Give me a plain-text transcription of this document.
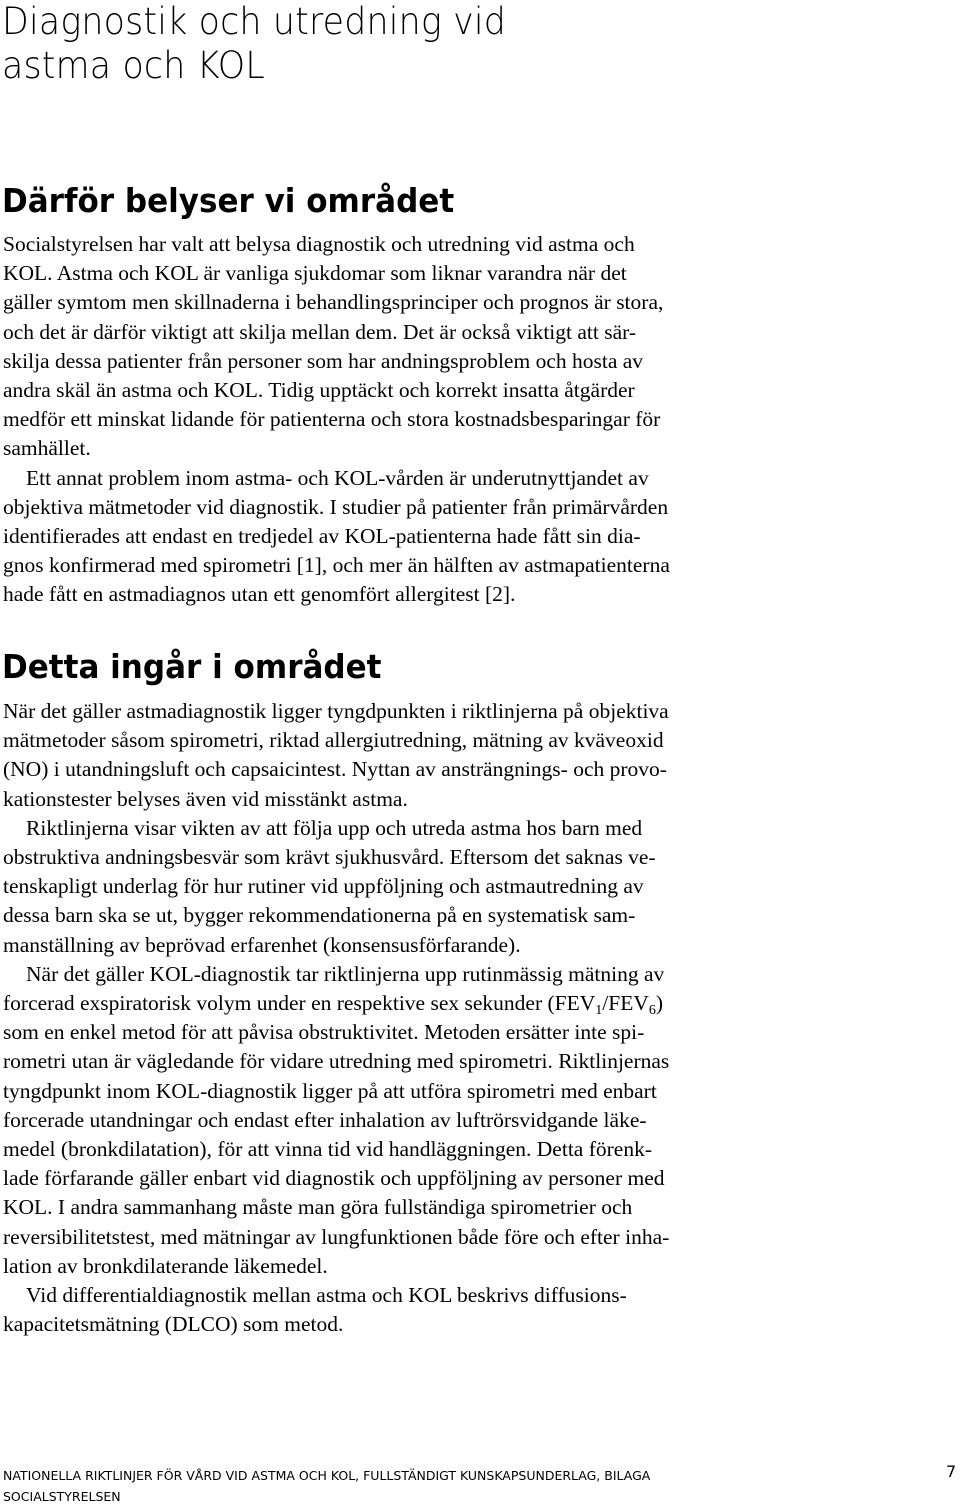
Diagnostik och utredning vid
astma och KOL
Därför belyser vi området
Socialstyrelsen har valt att belysa diagnostik och utredning vid astma och
KOL. Astma och KOL är vanliga sjukdomar som liknar varandra när det
gäller symtom men skillnaderna i behandlingsprinciper och prognos är stora,
och det är därför viktigt att skilja mellan dem. Det är också viktigt att sär-
skilja dessa patienter från personer som har andningsproblem och hosta av
andra skäl än astma och KOL. Tidig upptäckt och korrekt insatta åtgärder
medför ett minskat lidande för patienterna och stora kostnadsbesparingar för
samhället.
Ett annat problem inom astma- och KOL-vården är underutnyttjandet av
objektiva mätmetoder vid diagnostik. I studier på patienter från primärvården
identifierades att endast en tredjedel av KOL-patienterna hade fått sin dia-
gnos konfirmerad med spirometri [1], och mer än hälften av astmapatienterna
hade fått en astmadiagnos utan ett genomfört allergitest [2].
Detta ingår i området
När det gäller astmadiagnostik ligger tyngdpunkten i riktlinjerna på objektiva
mätmetoder såsom spirometri, riktad allergiutredning, mätning av kväveoxid
(NO) i utandningsluft och capsaicintest. Nyttan av ansträngnings- och provo-
kationstester belyses även vid misstänkt astma.
Riktlinjerna visar vikten av att följa upp och utreda astma hos barn med
obstruktiva andningsbesvär som krävt sjukhusvård. Eftersom det saknas ve-
tenskapligt underlag för hur rutiner vid uppföljning och astmautredning av
dessa barn ska se ut, bygger rekommendationerna på en systematisk sam-
manställning av beprövad erfarenhet (konsensusförfarande).
När det gäller KOL-diagnostik tar riktlinjerna upp rutinmässig mätning av
forcerad exspiratorisk volym under en respektive sex sekunder $(FEV_1/FEV_6)$
som en enkel metod för att påvisa obstruktivitet. Metoden ersätter inte spi-
rometri utan är vägledande för vidare utredning med spirometri. Riktlinjernas
tyngdpunkt inom KOL-diagnostik ligger på att utföra spirometri med enbart
forcerade utandningar och endast efter inhalation av luftrörsvidgande läke-
medel (bronkdilatation), för att vinna tid vid handläggningen. Detta förenk-
lade förfarande gäller enbart vid diagnostik och uppföljning av personer med
KOL. I andra sammanhang måste man göra fullständiga spirometrier och
reversibilitetstest, med mätningar av lungfunktionen både före och efter inha-
lation av bronkdilaterande läkemedel.
Vid differentialdiagnostik mellan astma och KOL beskrivs diffusions-
kapacitetsmätning (DLCO) som metod.
NATIONELLA RIKTLINJER FÖR VÅRD VID ASTMA OCH KOL, FULLSTÄNDIGT KUNSKAPSUNDERLAG, BILAGA
SOCIALSTYRELSEN
7
